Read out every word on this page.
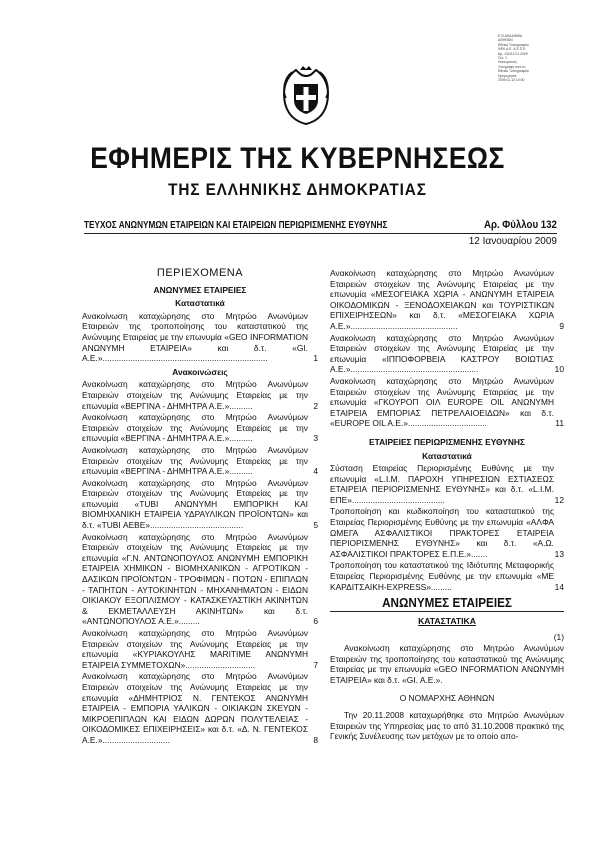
Ε.Θ.ΑΚΑΔΗΜΙΑ
ΑΘΗΝΩΝ
Εθνικό Τυπογραφείο
ΦΕΚ Α.Ε. & Ε.Π.Ε.
Αρ. 132/12.01.2009
Σελ. 1
Ηλεκτρονική
Υπογραφή από το
Εθνικό Τυπογραφείο
Ημερομηνία:
2009.01.12 10:00
ΕΦΗΜΕΡΙΣ ΤΗΣ ΚΥΒΕΡΝΗΣΕΩΣ
ΤΗΣ ΕΛΛΗΝΙΚΗΣ ΔΗΜΟΚΡΑΤΙΑΣ
ΤΕΥΧΟΣ ΑΝΩΝΥΜΩΝ ΕΤΑΙΡΕΙΩΝ ΚΑΙ ΕΤΑΙΡΕΙΩΝ ΠΕΡΙΩΡΙΣΜΕΝΗΣ ΕΥΘΥΝΗΣ	Αρ. Φύλλου 132
12 Ιανουαρίου 2009
ΠΕΡΙΕΧΟΜΕΝΑ
ΑΝΩΝΥΜΕΣ ΕΤΑΙΡΕΙΕΣ
Καταστατικά
Ανακοίνωση καταχώρησης στο Μητρώο Ανωνύμων Εταιρειών της τροποποίησης του καταστατικού της Ανώνυμης Εταιρείας με την επωνυμία «GEO INFORMATION ΑΝΩΝΥΜΗ ΕΤΑΙΡΕΙΑ» και δ.τ. «GI. A.E.».......................................................................	1
Ανακοινώσεις
Ανακοίνωση καταχώρησης στο Μητρώο Ανωνύμων Εταιρειών στοιχείων της Ανώνυμης Εταιρείας με την επωνυμία «ΒΕΡΓΙΝΑ - ΔΗΜΗΤΡΑ Α.Ε.»..........	2
Ανακοίνωση καταχώρησης στο Μητρώο Ανωνύμων Εταιρειών στοιχείων της Ανώνυμης Εταιρείας με την επωνυμία «ΒΕΡΓΙΝΑ - ΔΗΜΗΤΡΑ Α.Ε.»..........	3
Ανακοίνωση καταχώρησης στο Μητρώο Ανωνύμων Εταιρειών στοιχείων της Ανώνυμης Εταιρείας με την επωνυμία «ΒΕΡΓΙΝΑ - ΔΗΜΗΤΡΑ Α.Ε.»..........	4
Ανακοίνωση καταχώρησης στο Μητρώο Ανωνύμων Εταιρειών στοιχείων της Ανώνυμης Εταιρείας με την επωνυμία «TUBI ΑΝΩΝΥΜΗ ΕΜΠΟΡΙΚΗ ΚΑΙ ΒΙΟΜΗΧΑΝΙΚΗ ΕΤΑΙΡΕΙΑ ΥΔΡΑΥΛΙΚΩΝ ΠΡΟΪΟΝΤΩΝ» και δ.τ. «TUBI ΑΕΒΕ»........................................	5
Ανακοίνωση καταχώρησης στο Μητρώο Ανωνύμων Εταιρειών στοιχείων της Ανώνυμης Εταιρείας με την επωνυμία «Γ.Ν. ΑΝΤΩΝΟΠΟΥΛΟΣ ΑΝΩΝΥΜΗ ΕΜΠΟΡΙΚΗ ΕΤΑΙΡΕΙΑ ΧΗΜΙΚΩΝ - ΒΙΟΜΗΧΑΝΙΚΩΝ - ΑΓΡΟΤΙΚΩΝ - ΔΑΣΙΚΩΝ ΠΡΟΪΟΝΤΩΝ - ΤΡΟΦΙΜΩΝ - ΠΟΤΩΝ - ΕΠΙΠΛΩΝ - ΤΑΠΗΤΩΝ - ΑΥΤΟΚΙΝΗΤΩΝ - ΜΗΧΑΝΗΜΑΤΩΝ - ΕΙΔΩΝ ΟΙΚΙΑΚΟΥ ΕΞΟΠΛΙΣΜΟΥ - ΚΑΤΑΣΚΕΥΑΣΤΙΚΗ ΑΚΙΝΗΤΩΝ & ΕΚΜΕΤΑΛΛΕΥΣΗ ΑΚΙΝΗΤΩΝ» και δ.τ. «ΑΝΤΩΝΟΠΟΥΛΟΣ Α.Ε.».........	6
Ανακοίνωση καταχώρησης στο Μητρώο Ανωνύμων Εταιρειών στοιχείων της Ανώνυμης Εταιρείας με την επωνυμία «ΚΥΡΙΑΚΟΥΛΗΣ MARITIME ΑΝΩΝΥΜΗ ΕΤΑΙΡΕΙΑ ΣΥΜΜΕΤΟΧΩΝ»..............................	7
Ανακοίνωση καταχώρησης στο Μητρώο Ανωνύμων Εταιρειών στοιχείων της Ανώνυμης Εταιρείας με την επωνυμία «ΔΗΜΗΤΡΙΟΣ Ν. ΓΕΝΤΕΚΟΣ ΑΝΩΝΥΜΗ ΕΤΑΙΡΕΙΑ - ΕΜΠΟΡΙΑ ΥΑΛΙΚΩΝ - ΟΙΚΙΑΚΩΝ ΣΚΕΥΩΝ - ΜΙΚΡΟΕΠΙΠΛΩΝ ΚΑΙ ΕΙΔΩΝ ΔΩΡΩΝ ΠΟΛΥΤΕΛΕΙΑΣ - ΟΙΚΟΔΟΜΙΚΕΣ ΕΠΙΧΕΙΡΗΣΕΙΣ» και δ.τ. «Δ. Ν. ΓΕΝΤΕΚΟΣ Α.Ε.».............................	8
Ανακοίνωση καταχώρησης στο Μητρώο Ανωνύμων Εταιρειών στοιχείων της Ανώνυμης Εταιρείας με την επωνυμία «ΜΕΣΟΓΕΙΑΚΑ ΧΩΡΙΑ - ΑΝΩΝΥΜΗ ΕΤΑΙΡΕΙΑ ΟΙΚΟΔΟΜΙΚΩΝ - ΞΕΝΟΔΟΧΕΙΑΚΩΝ και ΤΟΥΡΙΣΤΙΚΩΝ ΕΠΙΧΕΙΡΗΣΕΩΝ» και δ.τ. «ΜΕΣΟΓΕΙΑΚΑ ΧΩΡΙΑ Α.Ε.»..............................................	9
Ανακοίνωση καταχώρησης στο Μητρώο Ανωνύμων Εταιρειών στοιχείων της Ανώνυμης Εταιρείας με την επωνυμία «ΙΠΠΟΦΟΡΒΕΙΑ ΚΑΣΤΡΟΥ ΒΟΙΩΤΙΑΣ Α.Ε.».......................................................	10
Ανακοίνωση καταχώρησης στο Μητρώο Ανωνύμων Εταιρειών στοιχείων της Ανώνυμης Εταιρείας με την επωνυμία «ΓΚΟΥΡΟΠ ΟΙΛ EUROPE OIL ΑΝΩΝΥΜΗ ΕΤΑΙΡΕΙΑ ΕΜΠΟΡΙΑΣ ΠΕΤΡΕΛΑΙΟΕΙΔΩΝ» και δ.τ. «EUROPE OIL A.E.»..................................	11
ΕΤΑΙΡΕΙΕΣ ΠΕΡΙΩΡΙΣΜΕΝΗΣ ΕΥΘΥΝΗΣ
Καταστατικά
Σύσταση Εταιρείας Περιορισμένης Ευθύνης με την επωνυμία «L.I.M. ΠΑΡΟΧΗ ΥΠΗΡΕΣΙΩΝ ΕΣΤΙΑΣΕΩΣ ΕΤΑΙΡΕΙΑ ΠΕΡΙΟΡΙΣΜΕΝΗΣ ΕΥΘΥΝΗΣ» και δ.τ. «L.I.M. ΕΠΕ»........................................	12
Τροποποίηση και κωδικοποίηση του καταστατικού της Εταιρείας Περιορισμένης Ευθύνης με την επωνυμία «ΑΛΦΑ ΩΜΕΓΑ ΑΣΦΑΛΙΣΤΙΚΟΙ ΠΡΑΚΤΟΡΕΣ ΕΤΑΙΡΕΙΑ ΠΕΡΙΟΡΙΣΜΕΝΗΣ ΕΥΘΥΝΗΣ» και δ.τ. «Α.Ω. ΑΣΦΑΛΙΣΤΙΚΟΙ ΠΡΑΚΤΟΡΕΣ Ε.Π.Ε.».......	13
Τροποποίηση του καταστατικού της Ιδιότυπης Μεταφορικής Εταιρείας Περιορισμένης Ευθύνης με την επωνυμία «ΜΕ ΚΑΡΔΙΤΣΑΙΚΗ-EXPRESS».........	14
ΑΝΩΝΥΜΕΣ ΕΤΑΙΡΕΙΕΣ
ΚΑΤΑΣΤΑΤΙΚΑ
(1)
Ανακοίνωση καταχώρησης στο Μητρώο Ανωνύμων Εταιρειών της τροποποίησης του καταστατικού της Ανώνυμης Εταιρείας με την επωνυμία «GEO INFORMATION ΑΝΩΝΥΜΗ ΕΤΑΙΡΕΙΑ» και δ.τ. «GI. A.E.».
Ο ΝΟΜΑΡΧΗΣ ΑΘΗΝΩΝ
Την 20.11.2008 καταχωρήθηκε στο Μητρώο Ανωνύμων Εταιρειών της Υπηρεσίας μας το από 31.10.2008 πρακτικό της Γενικής Συνέλευσης των μετόχων με το οποίο απο-
